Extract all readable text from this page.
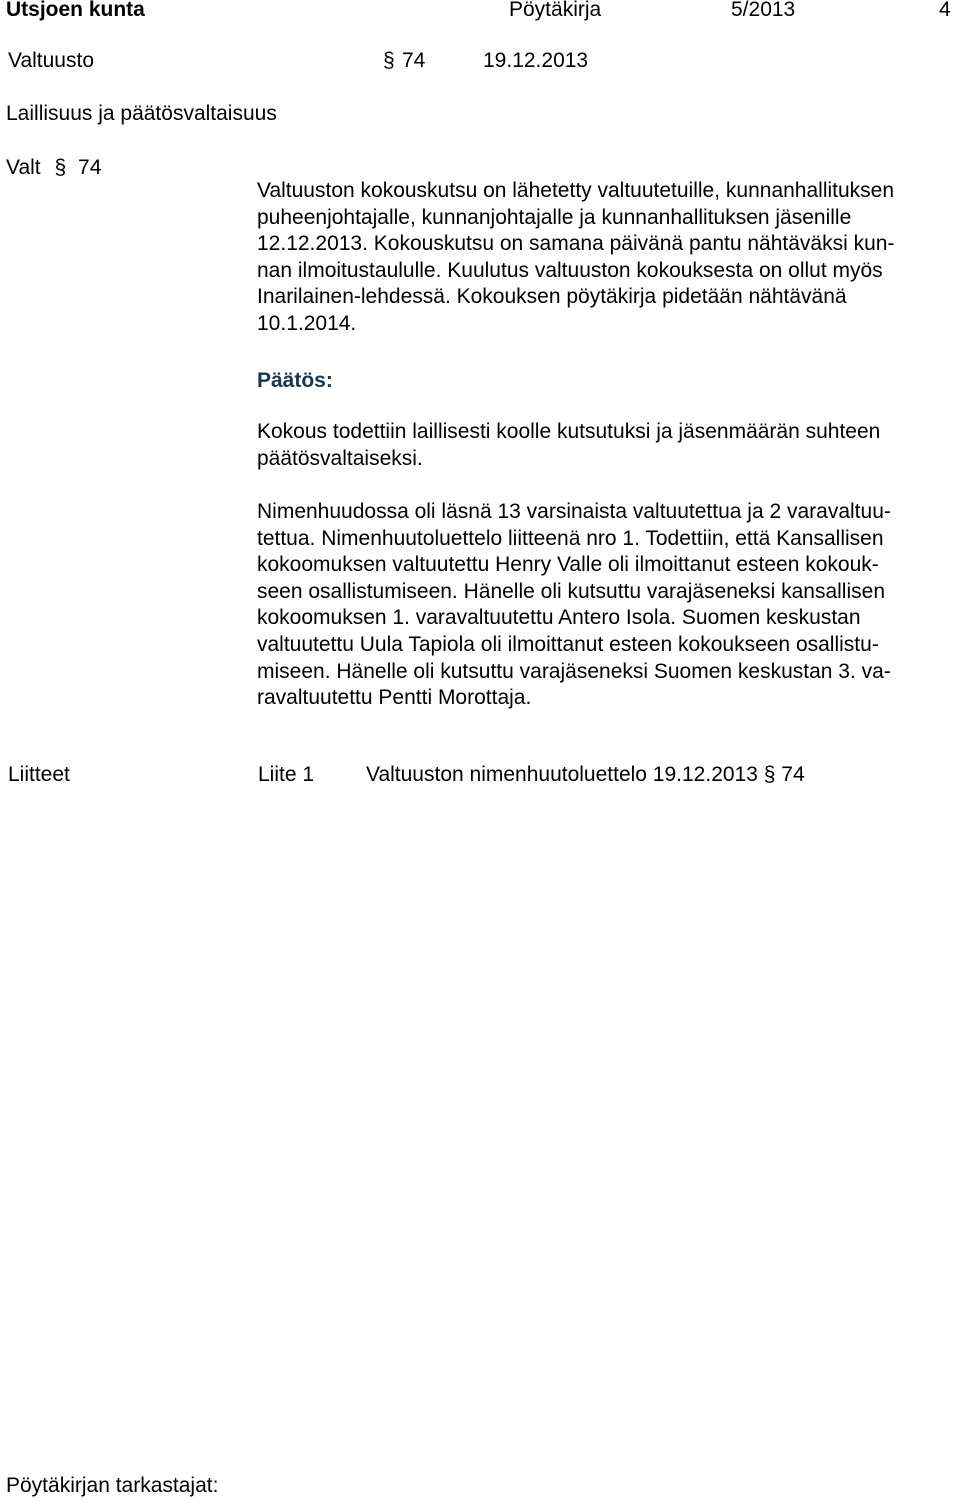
Utsjoen kunta	Pöytäkirja	5/2013	4
Valtuusto	§ 74	19.12.2013
Laillisuus ja päätösvaltaisuus
Valt § 74
Valtuuston kokouskutsu on lähetetty valtuutetuille, kunnanhallituksen
puheenjohtajalle, kunnanjohtajalle ja kunnanhallituksen jäsenille
12.12.2013. Kokouskutsu on samana päivänä pantu nähtäväksi kun-
nan ilmoitustaululle. Kuulutus valtuuston kokouksesta on ollut myös
Inarilainen-lehdessä. Kokouksen pöytäkirja pidetään nähtävänä
10.1.2014.
Päätös:
Kokous todettiin laillisesti koolle kutsutuksi ja jäsenmäärän suhteen
päätösvaltaiseksi.
Nimenhuudossa oli läsnä 13 varsinaista valtuutettua ja 2 varavaltuu-
tettua. Nimenhuutoluettelo liitteenä nro 1. Todettiin, että Kansallisen
kokoomuksen valtuutettu Henry Valle oli ilmoittanut esteen kokouk-
seen osallistumiseen. Hänelle oli kutsuttu varajäseneksi kansallisen
kokoomuksen 1. varavaltuutettu Antero Isola. Suomen keskustan
valtuutettu Uula Tapiola oli ilmoittanut esteen kokoukseen osallistu-
miseen. Hänelle oli kutsuttu varajäseneksi Suomen keskustan 3. va-
ravaltuutettu Pentti Morottaja.
Liitteet	Liite 1 Valtuuston nimenhuutoluettelo 19.12.2013 § 74
Pöytäkirjan tarkastajat:
